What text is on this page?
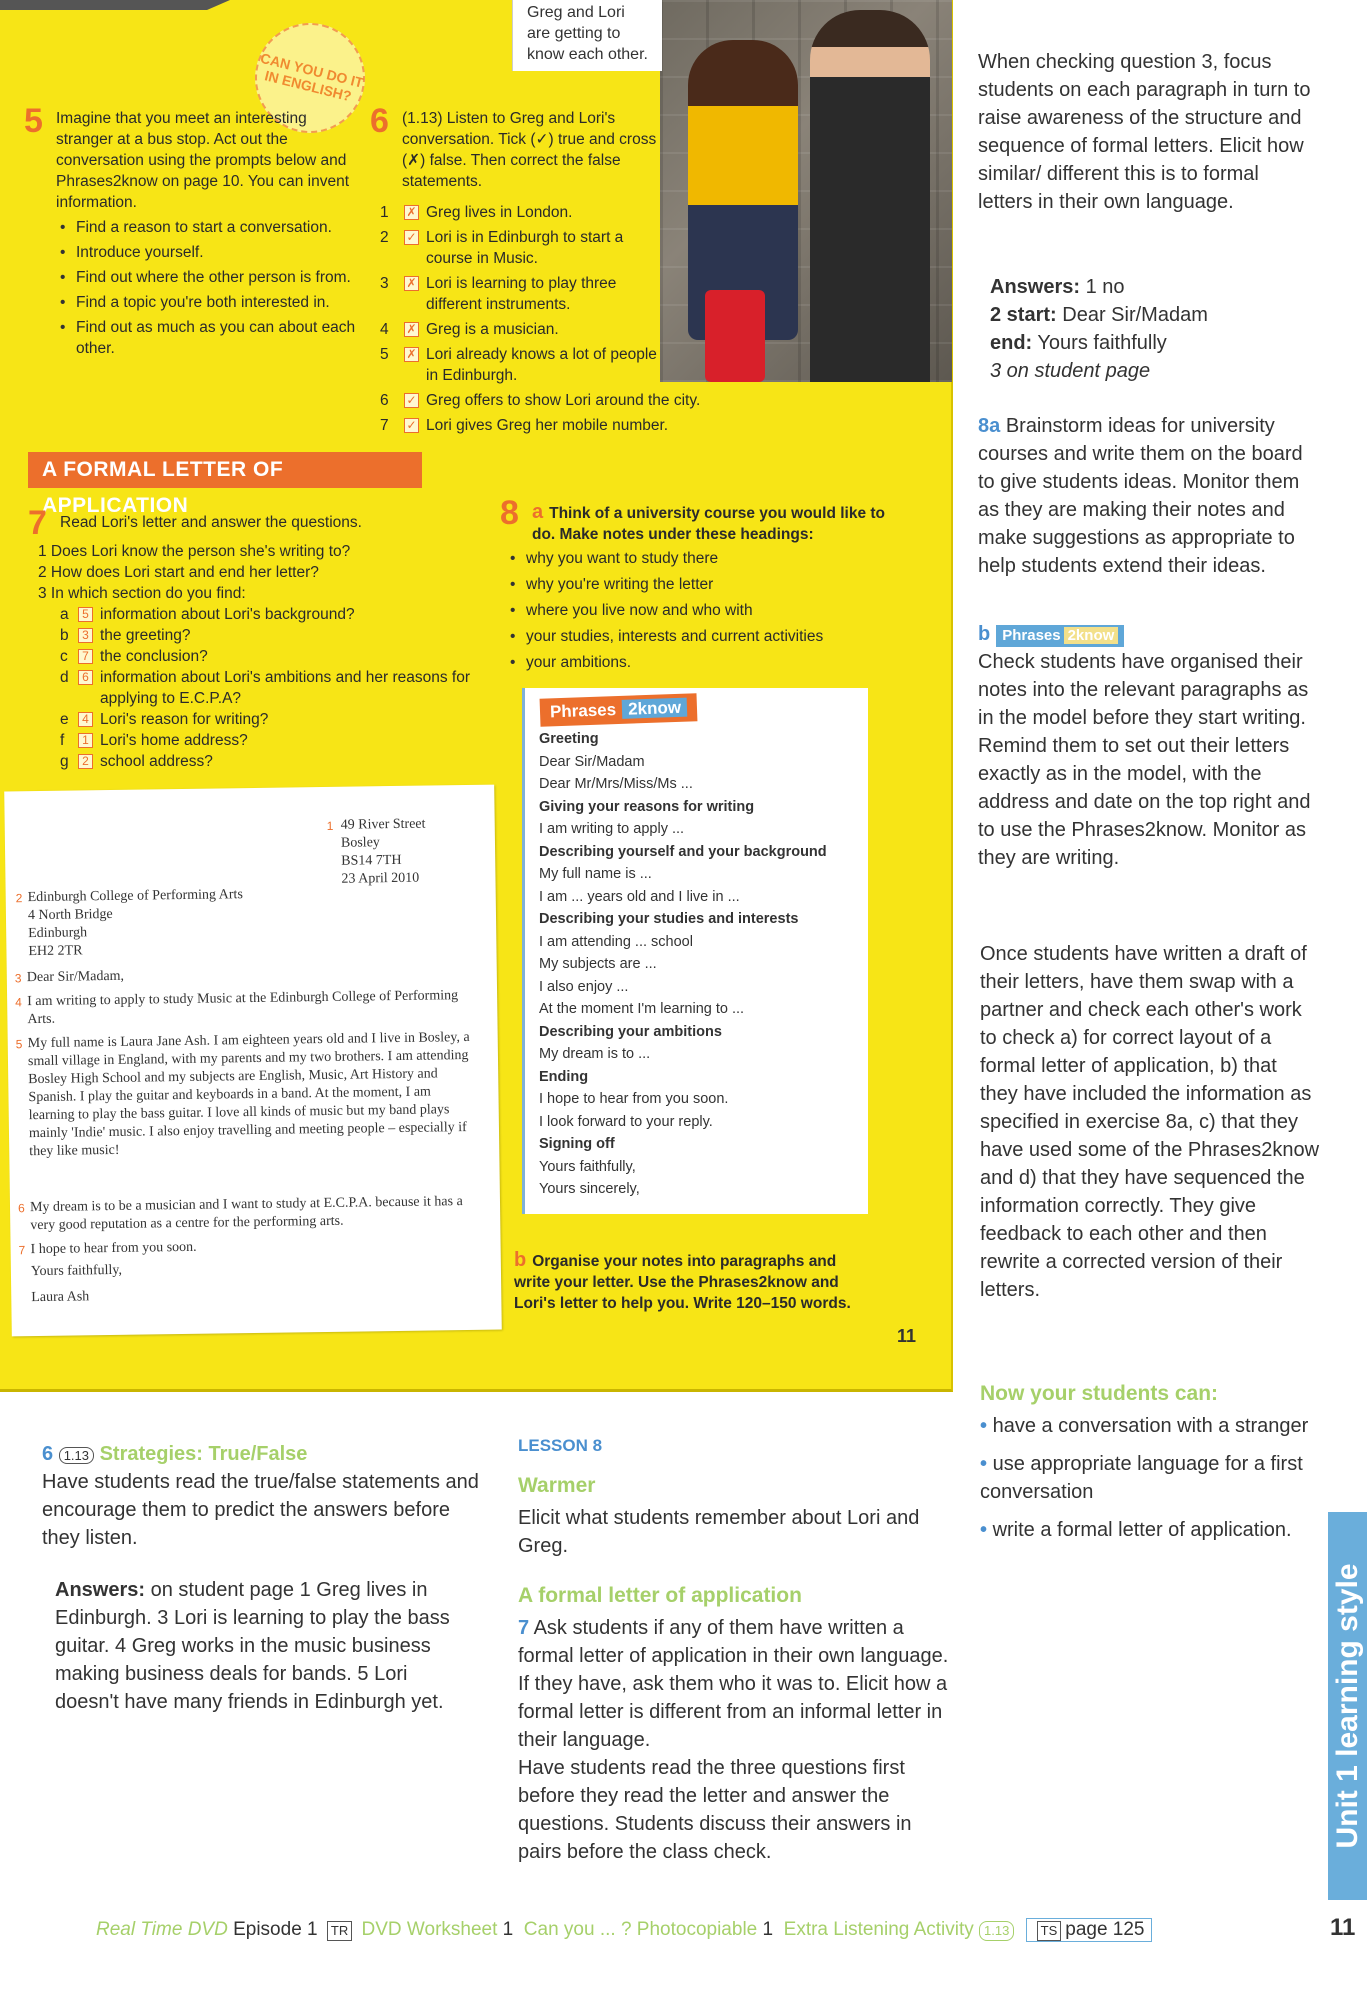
Greg and Lori are getting to know each other.
CAN YOU DO IT IN ENGLISH?
5 Imagine that you meet an interesting stranger at a bus stop. Act out the conversation using the prompts below and Phrases2know on page 10. You can invent information.
• Find a reason to start a conversation.
• Introduce yourself.
• Find out where the other person is from.
• Find a topic you're both interested in.
• Find out as much as you can about each other.
6 (1.13) Listen to Greg and Lori's conversation. Tick (✓) true and cross (✗) false. Then correct the false statements.
1	✗ Greg lives in London.
2	✓ Lori is in Edinburgh to start a course in Music.
3	✗ Lori is learning to play three different instruments.
4	✗ Greg is a musician.
5	✗ Lori already knows a lot of people in Edinburgh.
6	✓ Greg offers to show Lori around the city.
7	✓ Lori gives Greg her mobile number.
A FORMAL LETTER OF APPLICATION
7 Read Lori's letter and answer the questions.
1 Does Lori know the person she's writing to?
2 How does Lori start and end her letter?
3 In which section do you find:
a	5 information about Lori's background?
b	3 the greeting?
c	7 the conclusion?
d	6 information about Lori's ambitions and her reasons for applying to E.C.P.A?
e	4 Lori's reason for writing?
f	1 Lori's home address?
g	2 school address?
1 49 River Street
Bosley
BS14 7TH
23 April 2010
2 Edinburgh College of Performing Arts
4 North Bridge
Edinburgh
EH2 2TR
3 Dear Sir/Madam,
4 I am writing to apply to study Music at the Edinburgh College of Performing Arts.
5 My full name is Laura Jane Ash. I am eighteen years old and I live in Bosley, a small village in England, with my parents and my two brothers. I am attending Bosley High School and my subjects are English, Music, Art History and Spanish. I play the guitar and keyboards in a band. At the moment, I am learning to play the bass guitar. I love all kinds of music but my band plays mainly 'Indie' music. I also enjoy travelling and meeting people – especially if they like music!
6 My dream is to be a musician and I want to study at E.C.P.A. because it has a very good reputation as a centre for the performing arts.
7 I hope to hear from you soon.
Yours faithfully,
Laura Ash
8 a Think of a university course you would like to do. Make notes under these headings:
• why you want to study there
• why you're writing the letter
• where you live now and who with
• your studies, interests and current activities
• your ambitions.
Greeting
Dear Sir/Madam
Dear Mr/Mrs/Miss/Ms ...
Giving your reasons for writing
I am writing to apply ...
Describing yourself and your background
My full name is ...
I am ... years old and I live in ...
Describing your studies and interests
I am attending ... school
My subjects are ...
I also enjoy ...
At the moment I'm learning to ...
Describing your ambitions
My dream is to ...
Ending
I hope to hear from you soon.
I look forward to your reply.
Signing off
Yours faithfully,
Yours sincerely,
Phrases 2know
b Organise your notes into paragraphs and write your letter. Use the Phrases2know and Lori's letter to help you. Write 120–150 words.
11
When checking question 3, focus students on each paragraph in turn to raise awareness of the structure and sequence of formal letters. Elicit how similar/ different this is to formal letters in their own language.
Answers: 1 no
2 start: Dear Sir/Madam
end: Yours faithfully
3 on student page
8a Brainstorm ideas for university courses and write them on the board to give students ideas. Monitor them as they are making their notes and make suggestions as appropriate to help students extend their ideas.
b Phrases 2know
Check students have organised their notes into the relevant paragraphs as in the model before they start writing. Remind them to set out their letters exactly as in the model, with the address and date on the top right and to use the Phrases2know. Monitor as they are writing.
Once students have written a draft of their letters, have them swap with a partner and check each other's work to check a) for correct layout of a formal letter of application, b) that they have included the information as specified in exercise 8a, c) that they have used some of the Phrases2know and d) that they have sequenced the information correctly. They give feedback to each other and then rewrite a corrected version of their letters.
Now your students can:
• have a conversation with a stranger
• use appropriate language for a first conversation
• write a formal letter of application.
6 1.13 Strategies: True/False
Have students read the true/false statements and encourage them to predict the answers before they listen.
Answers: on student page 1 Greg lives in Edinburgh. 3 Lori is learning to play the bass guitar. 4 Greg works in the music business making business deals for bands. 5 Lori doesn't have many friends in Edinburgh yet.
LESSON 8
Warmer
Elicit what students remember about Lori and Greg.
A formal letter of application
7 Ask students if any of them have written a formal letter of application in their own language. If they have, ask them who it was to. Elicit how a formal letter is different from an informal letter in their language.
Have students read the three questions first before they read the letter and answer the questions. Students discuss their answers in pairs before the class check.
Unit 1 learning style
Real Time DVD Episode 1 TR DVD Worksheet 1 Can you ... ? Photocopiable 1 Extra Listening Activity 1.13 TS page 125	11
